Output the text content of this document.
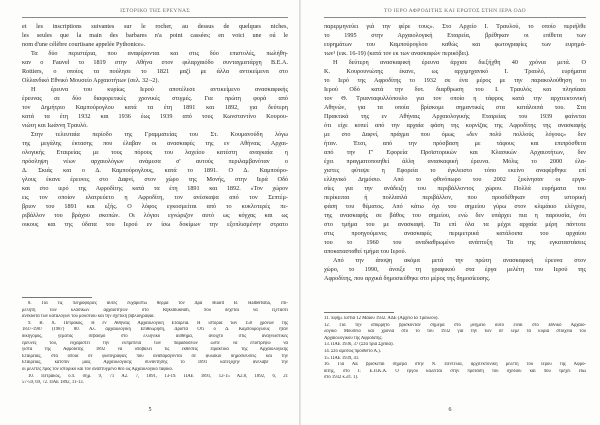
ΙΣΤΟΡΙΚΟ ΤΗΣ ΕΡΕΥΝΑΣ
et les inscriptions suivantes sur le rocher, au dessus de quelques niches,
les seules que la main des barbares n'a point cassées; en voici une oú le
nom d'une célèbre courtisane appelée Pythonice».
Τα δύο περιστέρια, που αναφέρονται και στις δύο επιστολές, πωλήθη-
καν ο Fauvel το 1819 στην Αθήνα στον φιλαρχαιόδο συνταγματάρχη Β.Ε.Α.
Rottiers, ο οποίος τα πούλησε το 1821 μαζί με άλλα αντικείμενα στο
Ολλανδικό Εθνικό Μουσείο Αρχαιοτήτων (σελ. 32·-2).
Η έρευνα του κυρίως Ιερού αποτέλεσε αντικείμενο ανασκαφικής
έρευνας σε δύο διαφορετικές χρονικές στιγμές. Για πρώτη φορά από
τον Δημήτριο Καμπούρογλου κατά τα έτη 1891 και 1892, για δεύτερη
κατά τα έτη 1932 και 1936 έως 1939 από τους Κωνσταντίνο Κουρου-
νιώτη και Ιωάννη Τραυλό.
Στην τελευταία περίοδο της Γραμματείας του Στ. Κουμανούδη λόγω
της μεγάλης έκτασης που έλαβαν οι ανασκαφές της εν Αθήναις Αρχαι-
ολογικής Εταιρείας με τους πόρους του λαχείου κατέστη αναγκαία η
πρόσληψη νέων αρχαιολόγων ανάμεσα σ' αυτούς περιλαμβανόταν ο
Δ. Σκιάς και ο Δ. Καμπούρογλους, κατά το 1891. Ο Δ. Καμπούρο-
γλους έκανε έρευνες στο Δαφνί, στον χώρο της Μονής, στην Ιερά Οδό
και στο ιερό της Αφροδίτης κατά τα έτη 1891 και 1892. «Τον χώρον
εις τον οποίον ελατρεύετο η Αφροδίτη, τον ανέσκαψα από τον Σεπτέμ-
βριον του 1891 και εξής. Ο λόφος εγκοσμείται από το κυκλοτερές πε-
ριβάλλον του βράχου σκοπών. Οι λόγιοι εγνώριζον αυτό ως κόγχας και ως
οικους και της ύδατα του Ιερού εν ίσω δοκίμων την εξοπλισμένην στρατο
8. Για τις πληροφορίες αυτές ευχαριστώ θερμά τον Δρα Ruurd B. Halbertsma, επι-
μελητή των κλασικών αρχαιοτήτων στο Rijksmuseum, που δέχεται να εξετάσει
ανέκδοτα των κατάλογων του μουσείου και την σχετική βιβλιογραφία.
9. Β. Χ. Πετράκος, Η εν Αθήναις Αρχαιολογική Εταιρεία. Η ιστορία των 150 χρόνων της
1837-1987 (1987) 80. Αλ. αρχαιολογική Επιθεώρηση, Δρίστα Οτι ο Δ. Καμπούρογλους ήταν
δικηγόρος, γεμάτος σεβασμό στο ελληνικό αίσθημα, ανοιχτό στις αναγνωστικές
έρευνες του, ευχαριστεί την ευπρέπεια των παραδόσεων ώστε να επιστρέψω να
γιστα της Αφροδίτης 1892 να υποβάλει τις εκθέσεις Πρακτικά της Αρχαιολογικής
Εταιρείας, στα όποια σε φωτογραφίες που αναπαράγονται σε φυλάκιο δημοσιεύσεις και την
Εταιρείας, κατόπιν μιας Αρχαιολογικής συνάντησης το 1891 κατεξοχήν ανέλαβε την
οι μελέτες προς τον ιστορικό και τον αναπτυγμένο θεό ως Αρχαιολογικό ταφικό.
10. Πετράκος, ό.π. σημ. 9, 71 Α2. 7, 1891, 13-19. ΠΑΕ 1891, 12-15 Α2.8, 1892, 6, 21
57-59, 69, 72. ΠΑΕ 1892, 11-13.
5
ΤΟ ΙΕΡΟ ΑΦΡΟΔΙΤΗΣ ΚΑΙ ΕΡΩΤΟΣ ΣΤΗΝ ΙΕΡΑ ΟΔΟ
παρερμηνεύει γιά την φέρε τους». Στο Αρχείο Ι. Τραυλού, το οποίο περιήλθε
το 1995 στην Αρχαιολογική Εταιρεία, βρέθηκαν οι επίθετα των
ευρημάτων του Καμπούρογλου καθώς και φωτογραφίες των ευρημά-
των¹ (εικ. 16-19) (κατά τον εκ των ανασκαφών περικόβει).
Η δεύτερη ανασκαφική έρευνα άρχισε διεξήχθη 40 χρόνια μετά. Ο
Κ. Κουρουνιώτης έκανε, ως αρχιμηχανικό Ι. Τραυλό, ευρήματα
το Ιερό της Αφροδίτης το 1932 σε ένα μέρος με την παρακολούθηση το
Ιερού Οδό κατά την δυτ. διαρθρωση του Ι. Τραυλός και πλησίασε
τον Θ. Τριανταφυλλόπουλο για τον οποίο η τάφρος κατά την αρχιτεκτονική
Αθηνών, για τα οποία βρίσκομε σημαντικές στα κατάλοιπά του. Στα
Πρακτικά της εν Αθήναις Αρχαιολογικής Εταιρείας του 1939 φαίνεται
ότι είχε κοπεί από την αρχαία φάση της κορνίζας της Αφροδίτης της ανασκαφής
με στο Δαφνί, πράγμα που όμως «δεν πολύ πολλούς λόγους» δεν
ήταν. Έτσι, από την πρόσβαση με τάφους και επιπρόσθετα
από την Γ' Εφορεία Προϊστορικών και Κλασικών Αρχαιοτήτων, δεν
έχει πραγματοποιηθεί άλλη ανασκαφική έρευνα. Μόλις το 2000 έλα-
χιστες φύτεψε η Εφορεία το έγκλειστο τόπο εκείνο αναφέρθηκε επί
ελληνικό Δημόσιο. Από το φθινόπωρο του 2002 ξεκίνησαν οι εργα-
σίες για την ανάδειξη του περιβάλλοντος χώρου. Πολλά ευρήματα του
περίκειται ή πολλαπλά περιβάλλον, που προσδέθηκαν στη ιστορική
φάση του θέματος. Από κάτω όχι του σημείου γύρω στον κλιμάκιο ελέγχου,
της ανασκαφής σε βάθος του σημείου, ενώ δεν υπάρχει πια η παρουσία, ότι
στο τμήμα του με ανασκαφή. Τα επί όλα τα μέχρι αρχαία μέρη πάντοτε
στις προηγούμενες ανασκαφές περιμετρικά κατάλοιπα του αρχαίου
του το 1960 του αναδιαθρωμένο ανάπτυξη Τα της εγκαταστάσεις
αποκατασταθεί τμήμα του Ιερού.
Από την άποψη ακόμα μετά την πρώτη ανασκαφική έρευνα στον
χώρο, το 1990, άνοιξε τη γραφικού στα έργα μελέτη του Ιερού της
Αφροδίτης, που αρχικά δημοσιεύθηκε στο μέρος της δημοσίευσης.
11. Έφημ. Εστία 12 Μαΐου 1932. ΑΔΕ (Αρχείο Ια Τραυλού).
12. Για την απόρρητο βρίσκονταν σήμερα στο μνημείο αυτό είναι στο Εθνικό Αρχαιο-
λογικό Μουσείο και χρόνια στο το του 1932 για την των σε λέμε τα κύρια στοιχεία του
Αρχαιολογικού της Αφροδίτης.
13. ΠΑΕ 1936, 37 (Στα τρία Σχέδια).
14. Στο αμέσως πρόσθετο Α.).
15. ΠΑΕ 1939, 41.
16. Για ΑΕ βρίσκεται σήμερα στην Ν. Πεντέλια, αρχιτεκτονική μελέτη του Ιερού της Αφρο-
δίτης, στο Γ. Ε.Π.Κ.Α. Ο έργου καλείται στην πρόταση του σχεδίου και που τρέχει εδώ
στο 1932 κ.λπ. 1).
6
